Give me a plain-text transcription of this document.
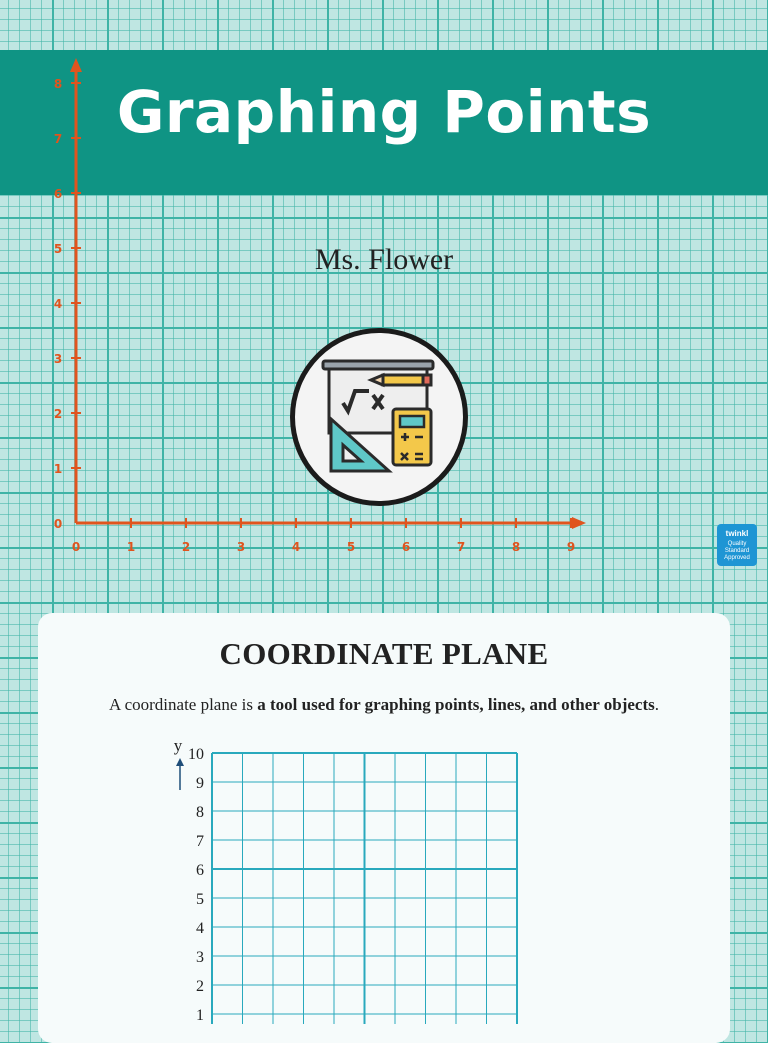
0	1	2	3	4	5	6	7	8	9
0
1
2
3
4
5
6
7
8 Graphing Points
Ms. Flower
twinkl
Quality Standard Approved
COORDINATE PLANE
A coordinate plane is a tool used for graphing points, lines, and other objects.
10
9
8
7
6
5
4
3
2
1
y
